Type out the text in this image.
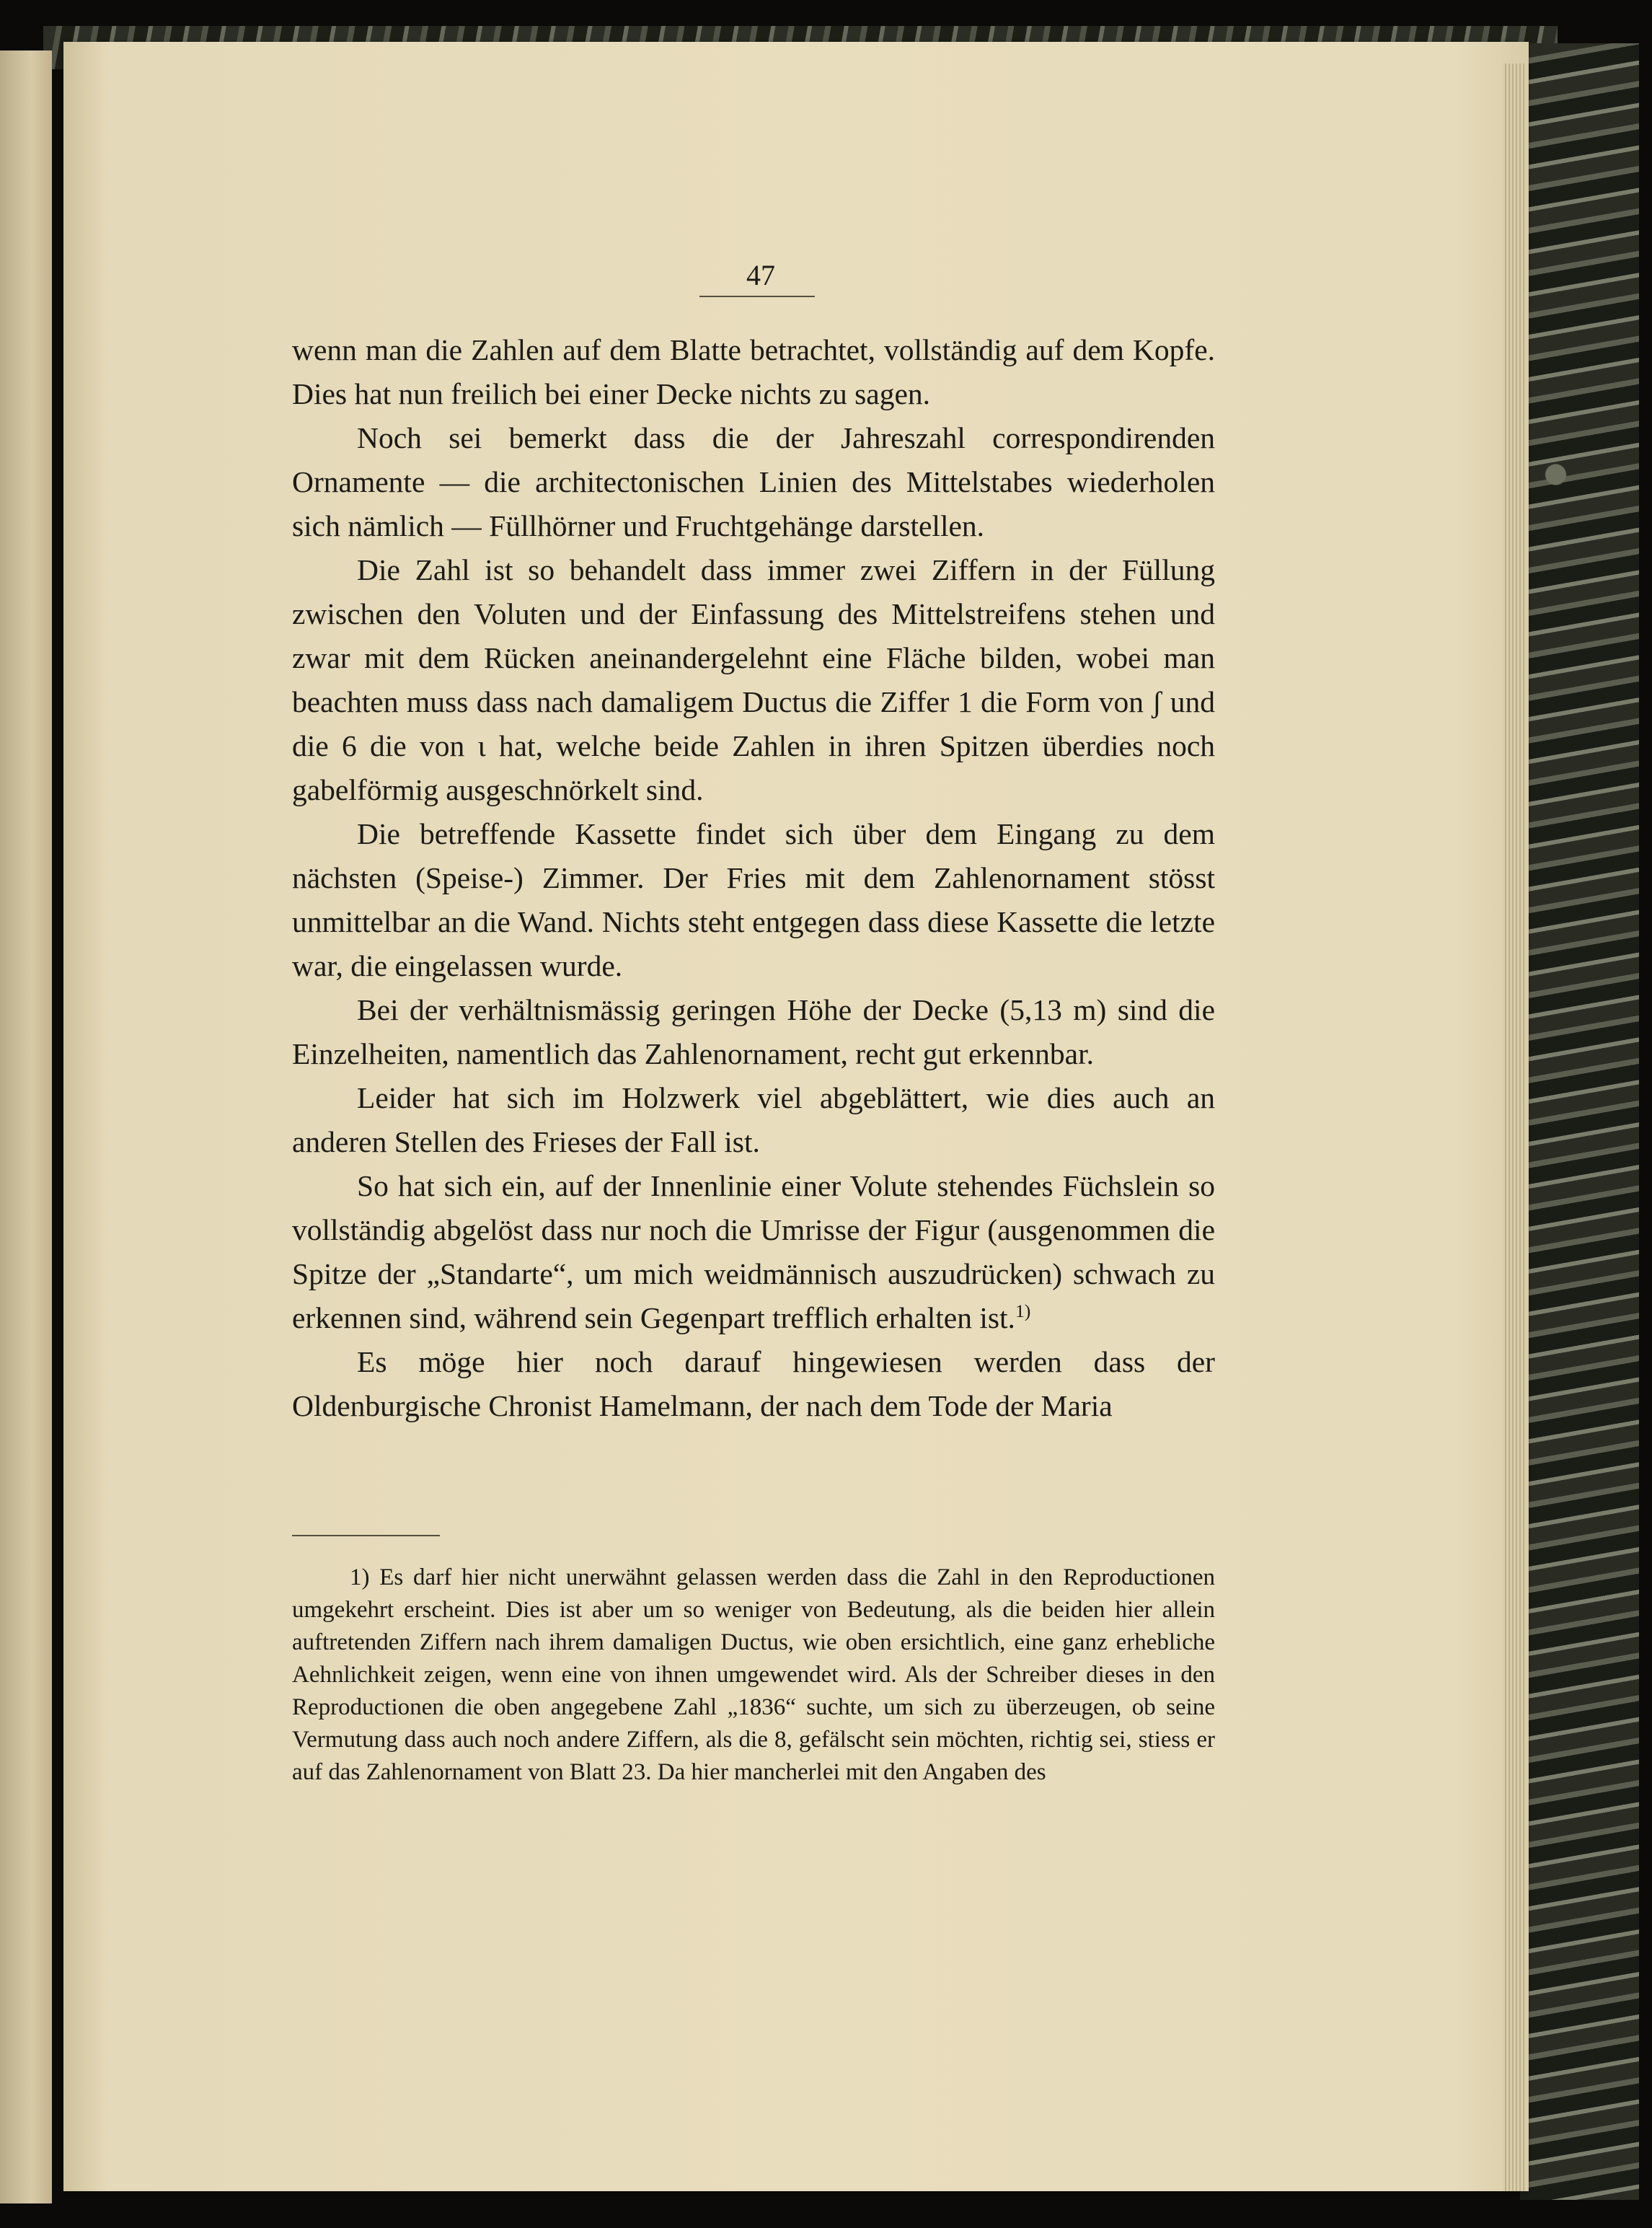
47

wenn man die Zahlen auf dem Blatte betrachtet, vollständig auf dem Kopfe. Dies hat nun freilich bei einer Decke nichts zu sagen.

Noch sei bemerkt dass die der Jahreszahl correspondirenden Ornamente — die architectonischen Linien des Mittelstabes wiederholen sich nämlich — Füllhörner und Fruchtgehänge darstellen.

Die Zahl ist so behandelt dass immer zwei Ziffern in der Füllung zwischen den Voluten und der Einfassung des Mittelstreifens stehen und zwar mit dem Rücken aneinandergelehnt eine Fläche bilden, wobei man beachten muss dass nach damaligem Ductus die Ziffer 1 die Form von ʃ und die 6 die von ɩ hat, welche beide Zahlen in ihren Spitzen überdies noch gabelförmig ausgeschnörkelt sind.

Die betreffende Kassette findet sich über dem Eingang zu dem nächsten (Speise-) Zimmer. Der Fries mit dem Zahlenornament stösst unmittelbar an die Wand. Nichts steht entgegen dass diese Kassette die letzte war, die eingelassen wurde.

Bei der verhältnismässig geringen Höhe der Decke (5,13 m) sind die Einzelheiten, namentlich das Zahlenornament, recht gut erkennbar.

Leider hat sich im Holzwerk viel abgeblättert, wie dies auch an anderen Stellen des Frieses der Fall ist.

So hat sich ein, auf der Innenlinie einer Volute stehendes Füchslein so vollständig abgelöst dass nur noch die Umrisse der Figur (ausgenommen die Spitze der „Standarte“, um mich weidmännisch auszudrücken) schwach zu erkennen sind, während sein Gegenpart trefflich erhalten ist.$^{1)}$

Es möge hier noch darauf hingewiesen werden dass der Oldenburgische Chronist Hamelmann, der nach dem Tode der Maria

1) Es darf hier nicht unerwähnt gelassen werden dass die Zahl in den Reproductionen umgekehrt erscheint. Dies ist aber um so weniger von Bedeutung, als die beiden hier allein auftretenden Ziffern nach ihrem damaligen Ductus, wie oben ersichtlich, eine ganz erhebliche Aehnlichkeit zeigen, wenn eine von ihnen umgewendet wird. Als der Schreiber dieses in den Reproductionen die oben angegebene Zahl „1836“ suchte, um sich zu überzeugen, ob seine Vermutung dass auch noch andere Ziffern, als die 8, gefälscht sein möchten, richtig sei, stiess er auf das Zahlenornament von Blatt 23. Da hier mancherlei mit den Angaben des
